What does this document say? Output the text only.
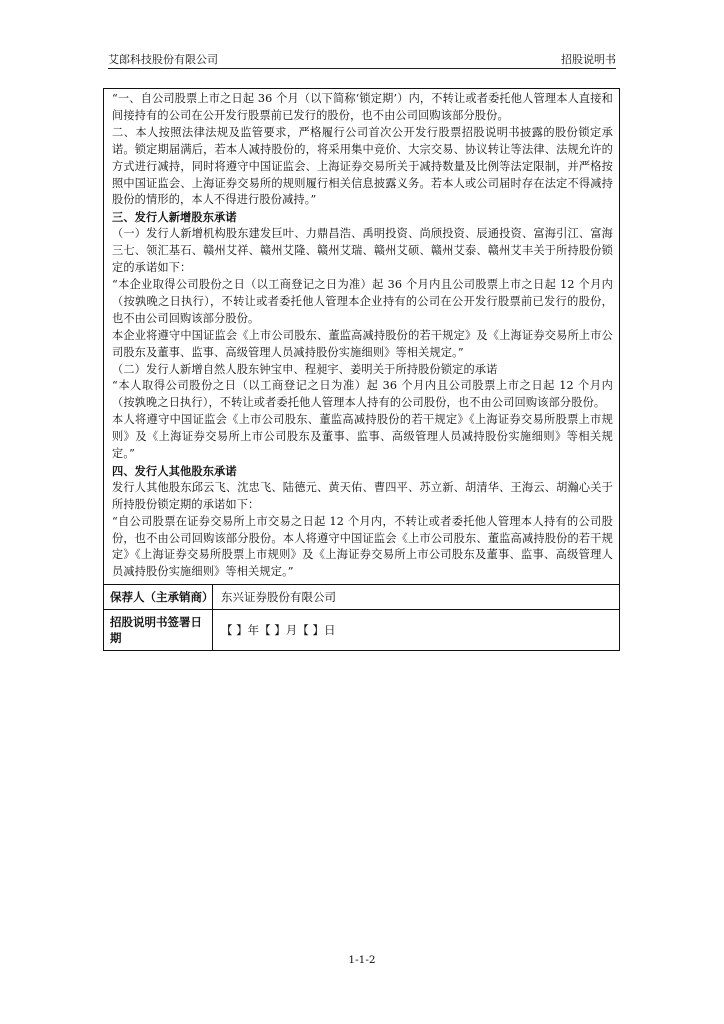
艾郎科技股份有限公司	招股说明书

“一、自公司股票上市之日起 36 个月（以下简称‘锁定期’）内，不转让或者委托他人管理本人直接和间接持有的公司在公开发行股票前已发行的股份，也不由公司回购该部分股份。

二、本人按照法律法规及监管要求，严格履行公司首次公开发行股票招股说明书披露的股份锁定承诺。锁定期届满后，若本人减持股份的，将采用集中竞价、大宗交易、协议转让等法律、法规允许的方式进行减持，同时将遵守中国证监会、上海证券交易所关于减持数量及比例等法定限制，并严格按照中国证监会、上海证券交易所的规则履行相关信息披露义务。若本人或公司届时存在法定不得减持股份的情形的，本人不得进行股份减持。”

三、发行人新增股东承诺

（一）发行人新增机构股东建发巨叶、力鼎昌浩、禹明投资、尚颀投资、辰通投资、富海引江、富海三七、领汇基石、赣州艾祥、赣州艾隆、赣州艾瑞、赣州艾硕、赣州艾泰、赣州艾丰关于所持股份锁定的承诺如下：

“本企业取得公司股份之日（以工商登记之日为准）起 36 个月内且公司股票上市之日起 12 个月内（按孰晚之日执行），不转让或者委托他人管理本企业持有的公司在公开发行股票前已发行的股份，也不由公司回购该部分股份。

本企业将遵守中国证监会《上市公司股东、董监高减持股份的若干规定》及《上海证券交易所上市公司股东及董事、监事、高级管理人员减持股份实施细则》等相关规定。”

（二）发行人新增自然人股东钟宝申、程昶宇、姜明关于所持股份锁定的承诺

“本人取得公司股份之日（以工商登记之日为准）起 36 个月内且公司股票上市之日起 12 个月内（按孰晚之日执行），不转让或者委托他人管理本人持有的公司股份，也不由公司回购该部分股份。

本人将遵守中国证监会《上市公司股东、董监高减持股份的若干规定》《上海证券交易所股票上市规则》及《上海证券交易所上市公司股东及董事、监事、高级管理人员减持股份实施细则》等相关规定。”

四、发行人其他股东承诺

发行人其他股东邱云飞、沈忠飞、陆德元、黄天佑、曹四平、苏立新、胡清华、王海云、胡瀚心关于所持股份锁定期的承诺如下：

“自公司股票在证券交易所上市交易之日起 12 个月内，不转让或者委托他人管理本人持有的公司股份，也不由公司回购该部分股份。本人将遵守中国证监会《上市公司股东、董监高减持股份的若干规定》《上海证券交易所股票上市规则》及《上海证券交易所上市公司股东及董事、监事、高级管理人员减持股份实施细则》等相关规定。”

保荐人（主承销商） 东兴证券股份有限公司
招股说明书签署日期
【 】年【 】月【 】日
1-1-2
